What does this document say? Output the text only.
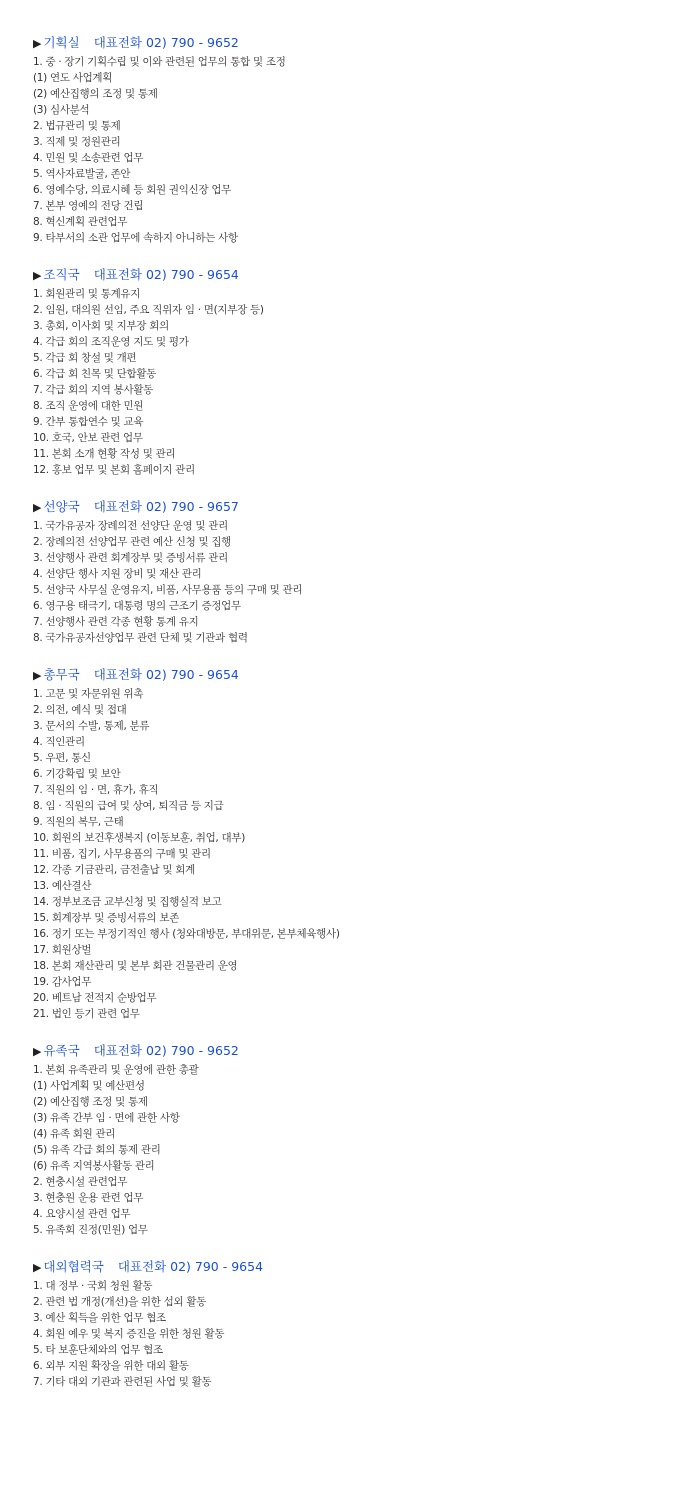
▶ 기획실 대표전화 02) 790 - 9652
1. 중 · 장기 기획수립 및 이와 관련된 업무의 통합 및 조정
(1) 연도 사업계획
(2) 예산집행의 조정 및 통제
(3) 심사분석
2. 법규관리 및 통제
3. 직제 및 정원관리
4. 민원 및 소송관련 업무
5. 역사자료발굴, 존안
6. 영예수당, 의료시혜 등 회원 권익신장 업무
7. 본부 영예의 전당 건립
8. 혁신계획 관련업무
9. 타부서의 소관 업무에 속하지 아니하는 사항
▶ 조직국 대표전화 02) 790 - 9654
1. 회원관리 및 통계유지
2. 임원, 대의원 선임, 주요 직위자 임 · 면(지부장 등)
3. 총회, 이사회 및 지부장 회의
4. 각급 회의 조직운영 지도 및 평가
5. 각급 회 창설 및 개편
6. 각급 회 친목 및 단합활동
7. 각급 회의 지역 봉사활동
8. 조직 운영에 대한 민원
9. 간부 통합연수 및 교육
10. 호국, 안보 관련 업무
11. 본회 소개 현황 작성 및 관리
12. 홍보 업무 및 본회 홈페이지 관리
▶ 선양국 대표전화 02) 790 - 9657
1. 국가유공자 장례의전 선양단 운영 및 관리
2. 장례의전 선양업무 관련 예산 신청 및 집행
3. 선양행사 관련 회계장부 및 증빙서류 관리
4. 선양단 행사 지원 장비 및 재산 관리
5. 선양국 사무실 운영유지, 비품, 사무용품 등의 구매 및 관리
6. 영구용 태극기, 대통령 명의 근조기 증정업무
7. 선양행사 관련 각종 현황 통계 유지
8. 국가유공자선양업무 관련 단체 및 기관과 협력
▶ 총무국 대표전화 02) 790 - 9654
1. 고문 및 자문위원 위촉
2. 의전, 예식 및 접대
3. 문서의 수발, 통제, 분류
4. 직인관리
5. 우편, 통신
6. 기강확립 및 보안
7. 직원의 임 · 면, 휴가, 휴직
8. 임 · 직원의 급여 및 상여, 퇴직금 등 지급
9. 직원의 복무, 근태
10. 회원의 보건후생복지 (이동보훈, 취업, 대부)
11. 비품, 집기, 사무용품의 구매 및 관리
12. 각종 기금관리, 금전출납 및 회계
13. 예산결산
14. 정부보조금 교부신청 및 집행실적 보고
15. 회계장부 및 증빙서류의 보존
16. 정기 또는 부정기적인 행사 (청와대방문, 부대위문, 본부체육행사)
17. 회원상벌
18. 본회 재산관리 및 본부 회관 건물관리 운영
19. 감사업무
20. 베트남 전적지 순방업무
21. 법인 등기 관련 업무
▶ 유족국 대표전화 02) 790 - 9652
1. 본회 유족관리 및 운영에 관한 총괄
(1) 사업계획 및 예산편성
(2) 예산집행 조정 및 통제
(3) 유족 간부 임 · 면에 관한 사항
(4) 유족 회원 관리
(5) 유족 각급 회의 통제 관리
(6) 유족 지역봉사활동 관리
2. 현충시설 관련업무
3. 현충원 운용 관련 업무
4. 요양시설 관련 업무
5. 유족회 진정(민원) 업무
▶ 대외협력국 대표전화 02) 790 - 9654
1. 대 정부 · 국회 청원 활동
2. 관련 법 개정(개선)을 위한 섭외 활동
3. 예산 획득을 위한 업무 협조
4. 회원 예우 및 복지 증진을 위한 청원 활동
5. 타 보훈단체와의 업무 협조
6. 외부 지원 확장을 위한 대외 활동
7. 기타 대외 기관과 관련된 사업 및 활동
